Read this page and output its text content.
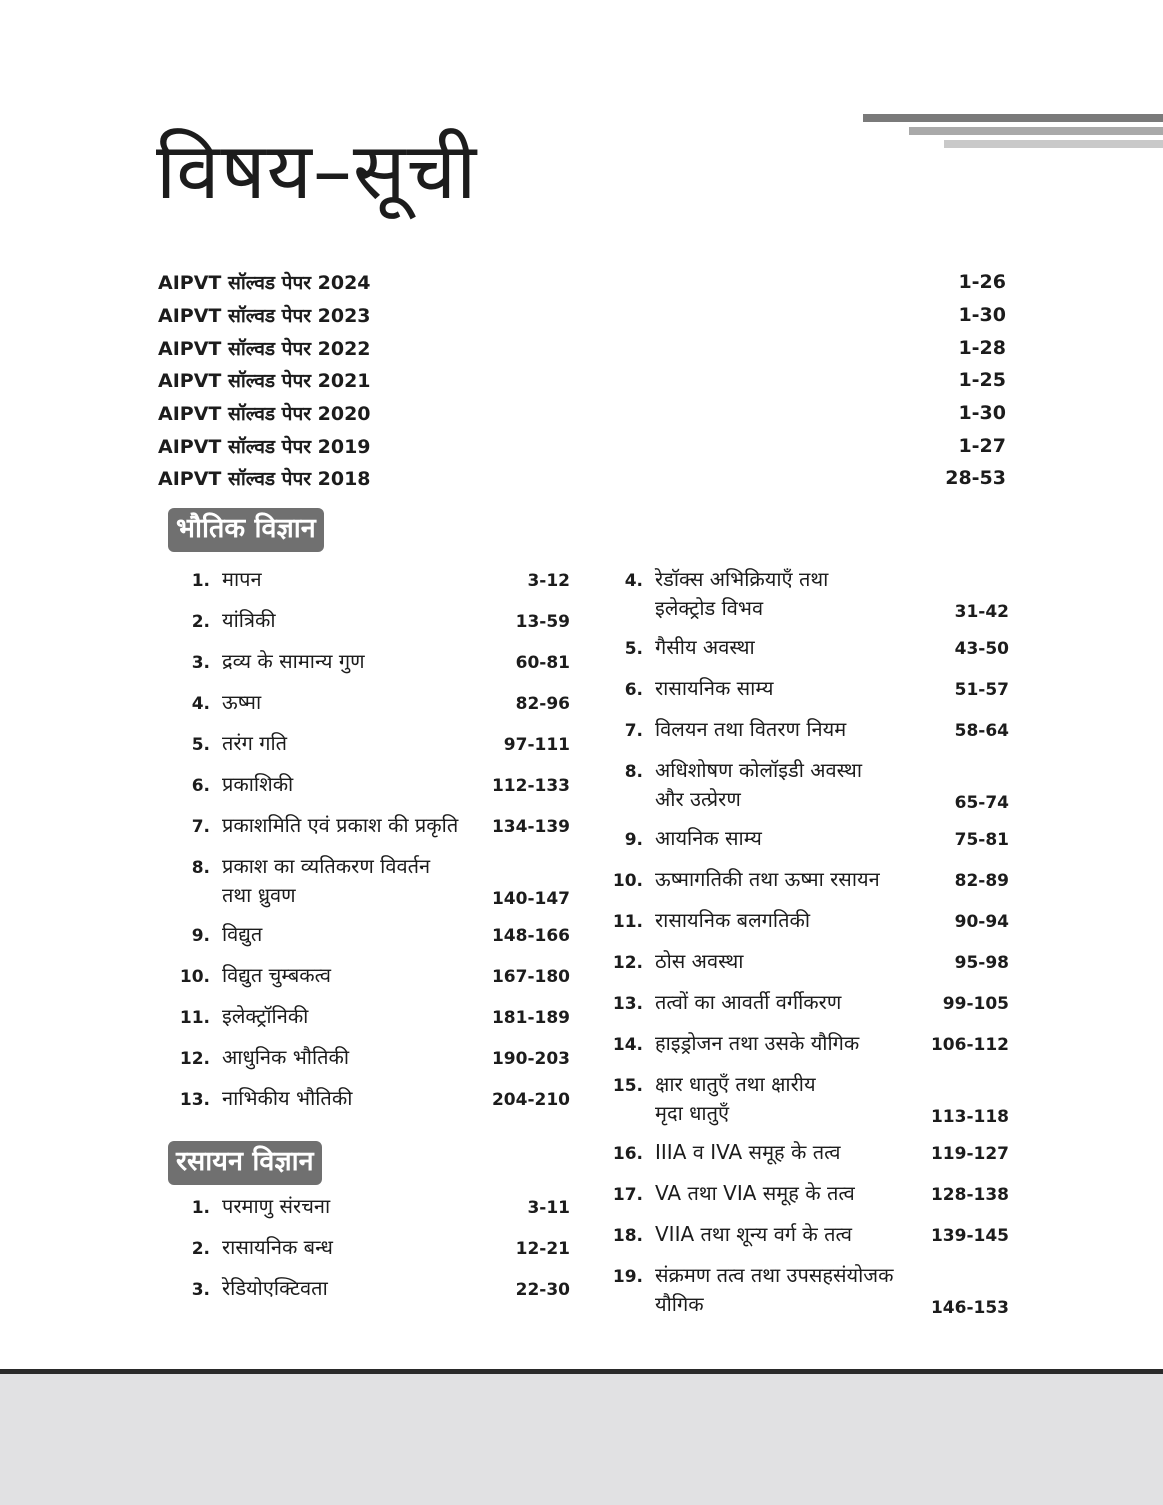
विषय–सूची
AIPVT सॉल्वड पेपर 2024	1-26
AIPVT सॉल्वड पेपर 2023	1-30
AIPVT सॉल्वड पेपर 2022	1-28
AIPVT सॉल्वड पेपर 2021	1-25
AIPVT सॉल्वड पेपर 2020	1-30
AIPVT सॉल्वड पेपर 2019	1-27
AIPVT सॉल्वड पेपर 2018	28-53
भौतिक विज्ञान
1. मापन	3-12
2. यांत्रिकी	13-59
3. द्रव्य के सामान्य गुण	60-81
4. ऊष्मा	82-96
5. तरंग गति	97-111
6. प्रकाशिकी	112-133
7. प्रकाशमिति एवं प्रकाश की प्रकृति	134-139
8. प्रकाश का व्यतिकरण विवर्तन
तथा ध्रुवण	140-147
9. विद्युत	148-166
10. विद्युत चुम्बकत्व	167-180
11. इलेक्ट्रॉनिकी	181-189
12. आधुनिक भौतिकी	190-203
13. नाभिकीय भौतिकी	204-210
रसायन विज्ञान
1. परमाणु संरचना	3-11
2. रासायनिक बन्ध	12-21
3. रेडियोएक्टिवता	22-30
4. रेडॉक्स अभिक्रियाएँ तथा
इलेक्ट्रोड विभव	31-42
5. गैसीय अवस्था	43-50
6. रासायनिक साम्य	51-57
7. विलयन तथा वितरण नियम	58-64
8. अधिशोषण कोलॉइडी अवस्था
और उत्प्रेरण	65-74
9. आयनिक साम्य	75-81
10. ऊष्मागतिकी तथा ऊष्मा रसायन	82-89
11. रासायनिक बलगतिकी	90-94
12. ठोस अवस्था	95-98
13. तत्वों का आवर्ती वर्गीकरण	99-105
14. हाइड्रोजन तथा उसके यौगिक	106-112
15. क्षार धातुएँ तथा क्षारीय
मृदा धातुएँ	113-118
16. IIIA व IVA समूह के तत्व	119-127
17. VA तथा VIA समूह के तत्व	128-138
18. VIIA तथा शून्य वर्ग के तत्व	139-145
19. संक्रमण तत्व तथा उपसहसंयोजक
यौगिक	146-153
